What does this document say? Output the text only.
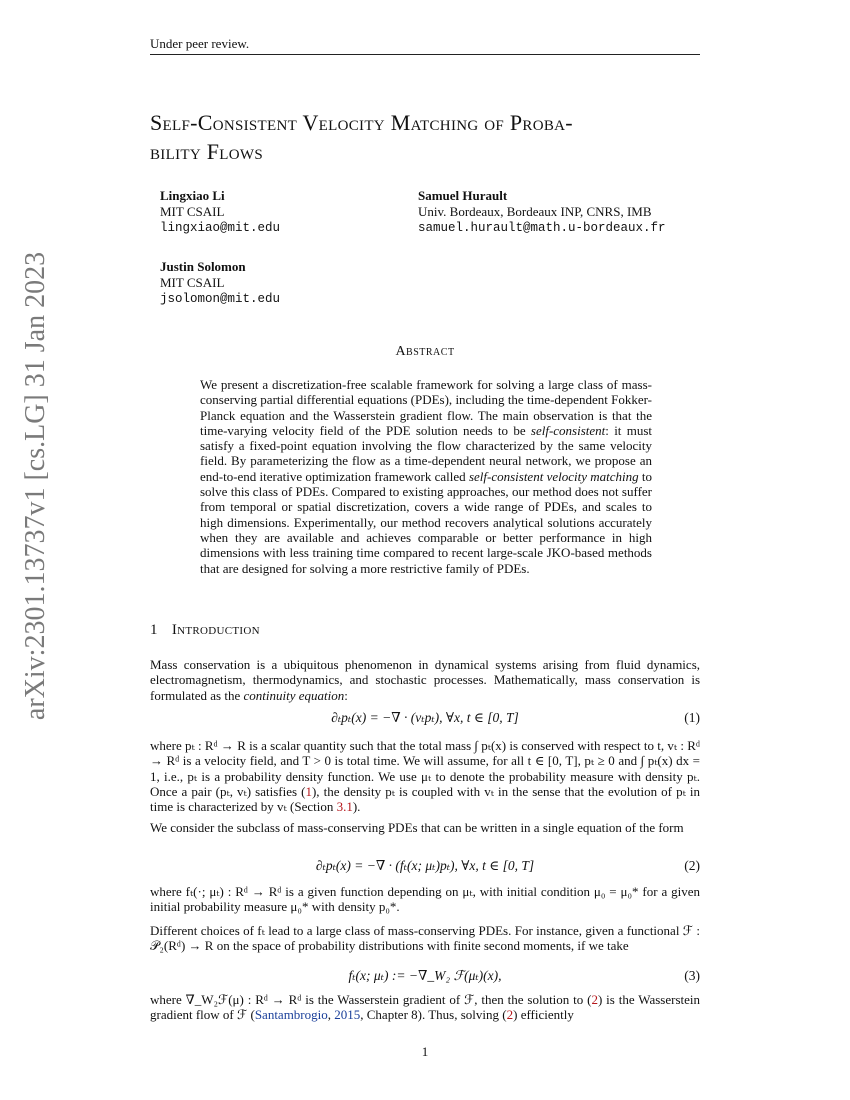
Under peer review.
arXiv:2301.13737v1 [cs.LG] 31 Jan 2023
Self-Consistent Velocity Matching of Proba-
bility Flows
Lingxiao Li
MIT CSAIL
lingxiao@mit.edu
Samuel Hurault
Univ. Bordeaux, Bordeaux INP, CNRS, IMB
samuel.hurault@math.u-bordeaux.fr
Justin Solomon
MIT CSAIL
jsolomon@mit.edu
Abstract
We present a discretization-free scalable framework for solving a large class of mass-conserving partial differential equations (PDEs), including the time-dependent Fokker-Planck equation and the Wasserstein gradient flow. The main observation is that the time-varying velocity field of the PDE solution needs to be self-consistent: it must satisfy a fixed-point equation involving the flow characterized by the same velocity field. By parameterizing the flow as a time-dependent neural network, we propose an end-to-end iterative optimization framework called self-consistent velocity matching to solve this class of PDEs. Compared to existing approaches, our method does not suffer from temporal or spatial discretization, covers a wide range of PDEs, and scales to high dimensions. Experimentally, our method recovers analytical solutions accurately when they are available and achieves comparable or better performance in high dimensions with less training time compared to recent large-scale JKO-based methods that are designed for solving a more restrictive family of PDEs.
1 Introduction
Mass conservation is a ubiquitous phenomenon in dynamical systems arising from fluid dynamics, electromagnetism, thermodynamics, and stochastic processes. Mathematically, mass conservation is formulated as the continuity equation:
∂ₜpₜ(x) = −∇ · (vₜpₜ), ∀x, t ∈ [0, T]	(1)
where pₜ : Rᵈ → R is a scalar quantity such that the total mass ∫ pₜ(x) is conserved with respect to t, vₜ : Rᵈ → Rᵈ is a velocity field, and T > 0 is total time. We will assume, for all t ∈ [0, T], pₜ ≥ 0 and ∫ pₜ(x) dx = 1, i.e., pₜ is a probability density function. We use μₜ to denote the probability measure with density pₜ. Once a pair (pₜ, vₜ) satisfies (1), the density pₜ is coupled with vₜ in the sense that the evolution of pₜ in time is characterized by vₜ (Section 3.1).
We consider the subclass of mass-conserving PDEs that can be written in a single equation of the form
∂ₜpₜ(x) = −∇ · (fₜ(x; μₜ)pₜ), ∀x, t ∈ [0, T]	(2)
where fₜ(·; μₜ) : Rᵈ → Rᵈ is a given function depending on μₜ, with initial condition μ₀ = μ₀* for a given initial probability measure μ₀* with density p₀*.
Different choices of fₜ lead to a large class of mass-conserving PDEs. For instance, given a functional ℱ : 𝒫₂(Rᵈ) → R on the space of probability distributions with finite second moments, if we take
fₜ(x; μₜ) := −∇_W₂ ℱ(μₜ)(x),	(3)
where ∇_W₂ℱ(μ) : Rᵈ → Rᵈ is the Wasserstein gradient of ℱ, then the solution to (2) is the Wasserstein gradient flow of ℱ (Santambrogio, 2015, Chapter 8). Thus, solving (2) efficiently
1
